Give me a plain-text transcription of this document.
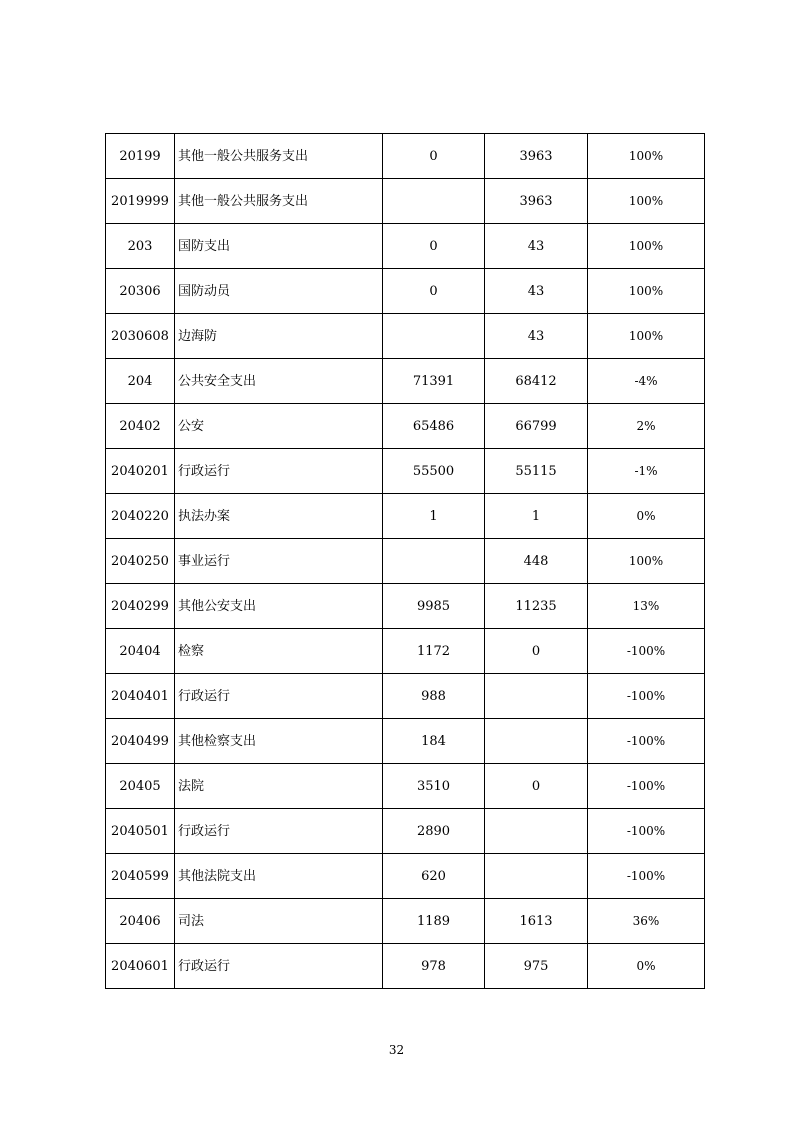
20199	其他一般公共服务支出	0	3963	100%
2019999	其他一般公共服务支出		3963	100%
203	国防支出	0	43	100%
20306	国防动员	0	43	100%
2030608	边海防		43	100%
204	公共安全支出	71391	68412	-4%
20402	公安	65486	66799	2%
2040201	行政运行	55500	55115	-1%
2040220	执法办案	1	1	0%
2040250	事业运行		448	100%
2040299	其他公安支出	9985	11235	13%
20404	检察	1172	0	-100%
2040401	行政运行	988		-100%
2040499	其他检察支出	184		-100%
20405	法院	3510	0	-100%
2040501	行政运行	2890		-100%
2040599	其他法院支出	620		-100%
20406	司法	1189	1613	36%
2040601	行政运行	978	975	0%
32
